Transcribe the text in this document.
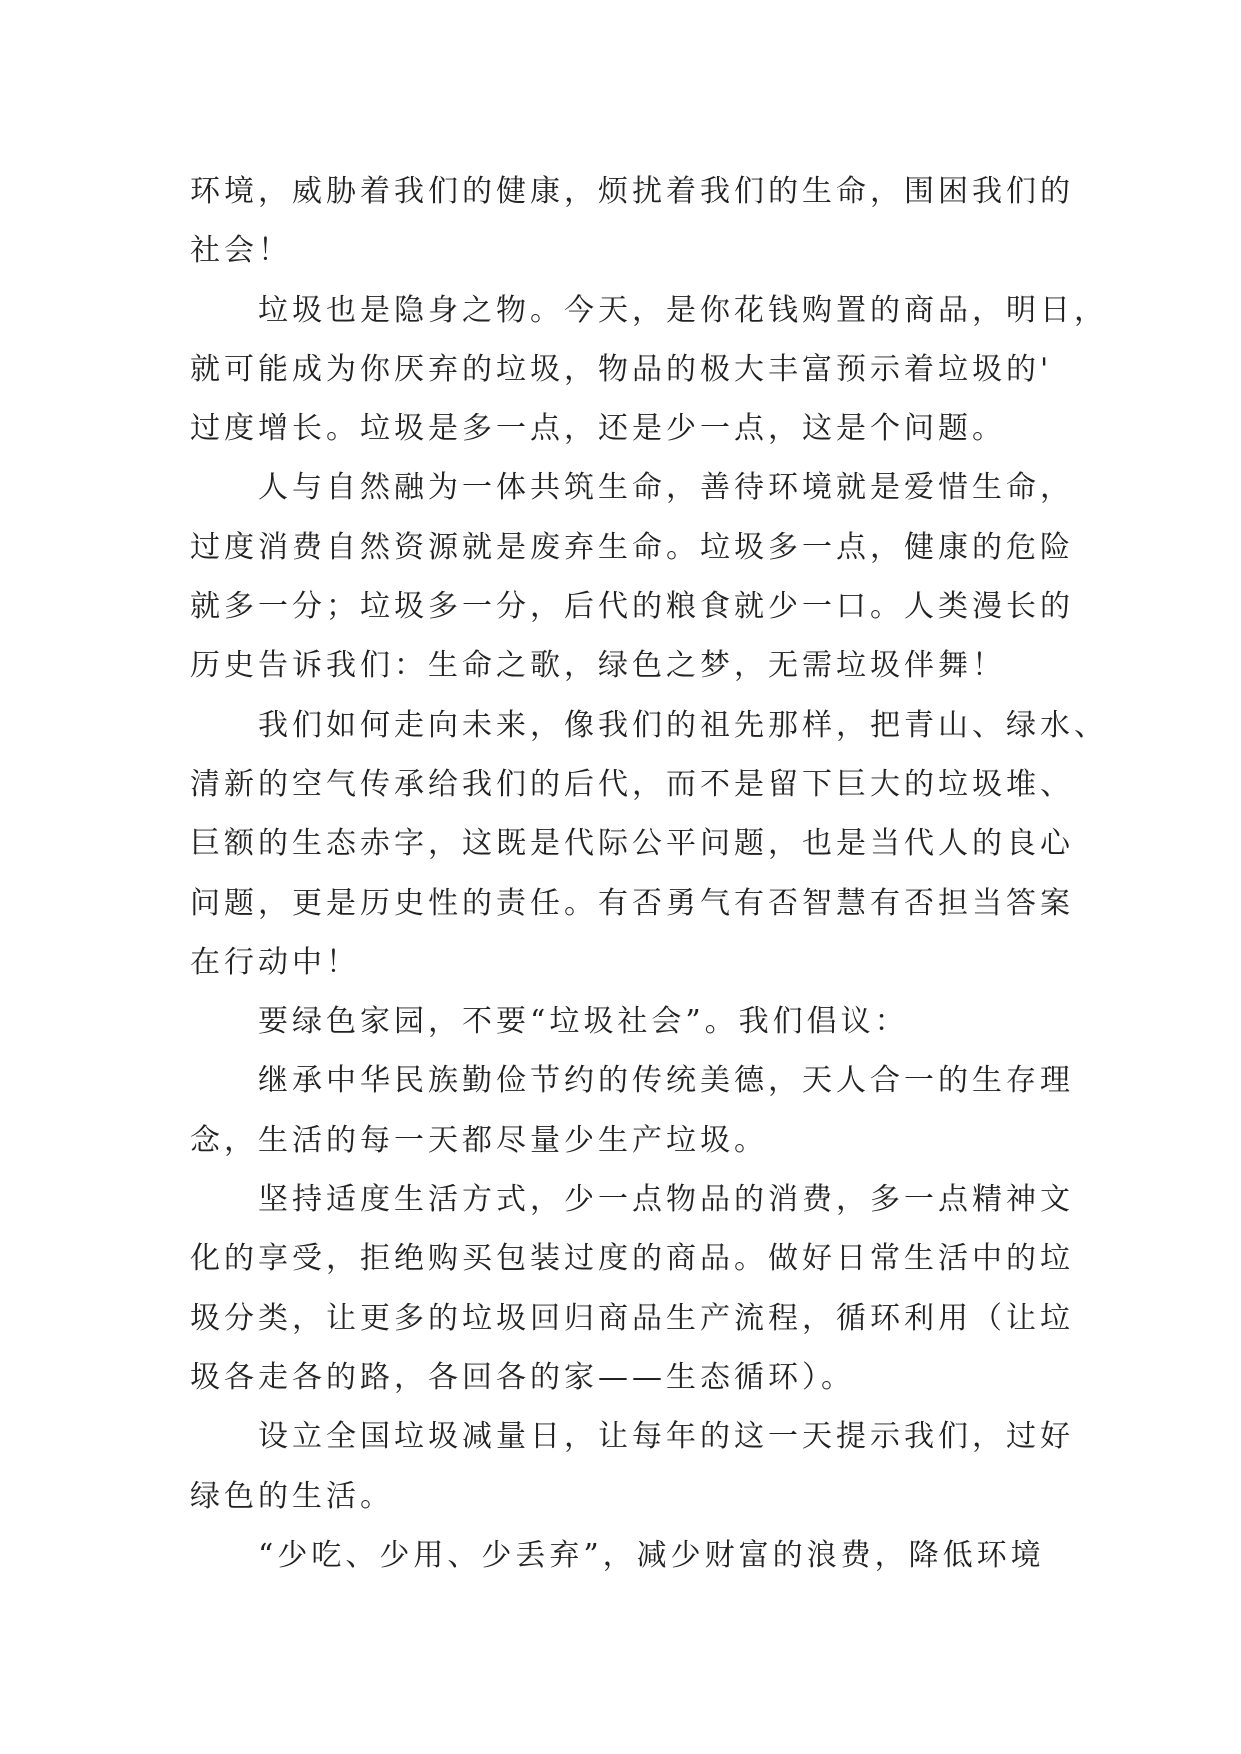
环境，威胁着我们的健康，烦扰着我们的生命，围困我们的
社会！
垃圾也是隐身之物。今天，是你花钱购置的商品，明日，
就可能成为你厌弃的垃圾，物品的极大丰富预示着垃圾的'
过度增长。垃圾是多一点，还是少一点，这是个问题。
人与自然融为一体共筑生命，善待环境就是爱惜生命，
过度消费自然资源就是废弃生命。垃圾多一点，健康的危险
就多一分；垃圾多一分，后代的粮食就少一口。人类漫长的
历史告诉我们：生命之歌，绿色之梦，无需垃圾伴舞！
我们如何走向未来，像我们的祖先那样，把青山、绿水、
清新的空气传承给我们的后代，而不是留下巨大的垃圾堆、
巨额的生态赤字，这既是代际公平问题，也是当代人的良心
问题，更是历史性的责任。有否勇气有否智慧有否担当答案
在行动中！
要绿色家园，不要“垃圾社会”。我们倡议：
继承中华民族勤俭节约的传统美德，天人合一的生存理
念，生活的每一天都尽量少生产垃圾。
坚持适度生活方式，少一点物品的消费，多一点精神文
化的享受，拒绝购买包装过度的商品。做好日常生活中的垃
圾分类，让更多的垃圾回归商品生产流程，循环利用（让垃
圾各走各的路，各回各的家——生态循环）。
设立全国垃圾减量日，让每年的这一天提示我们，过好
绿色的生活。
“少吃、少用、少丢弃”，减少财富的浪费，降低环境
